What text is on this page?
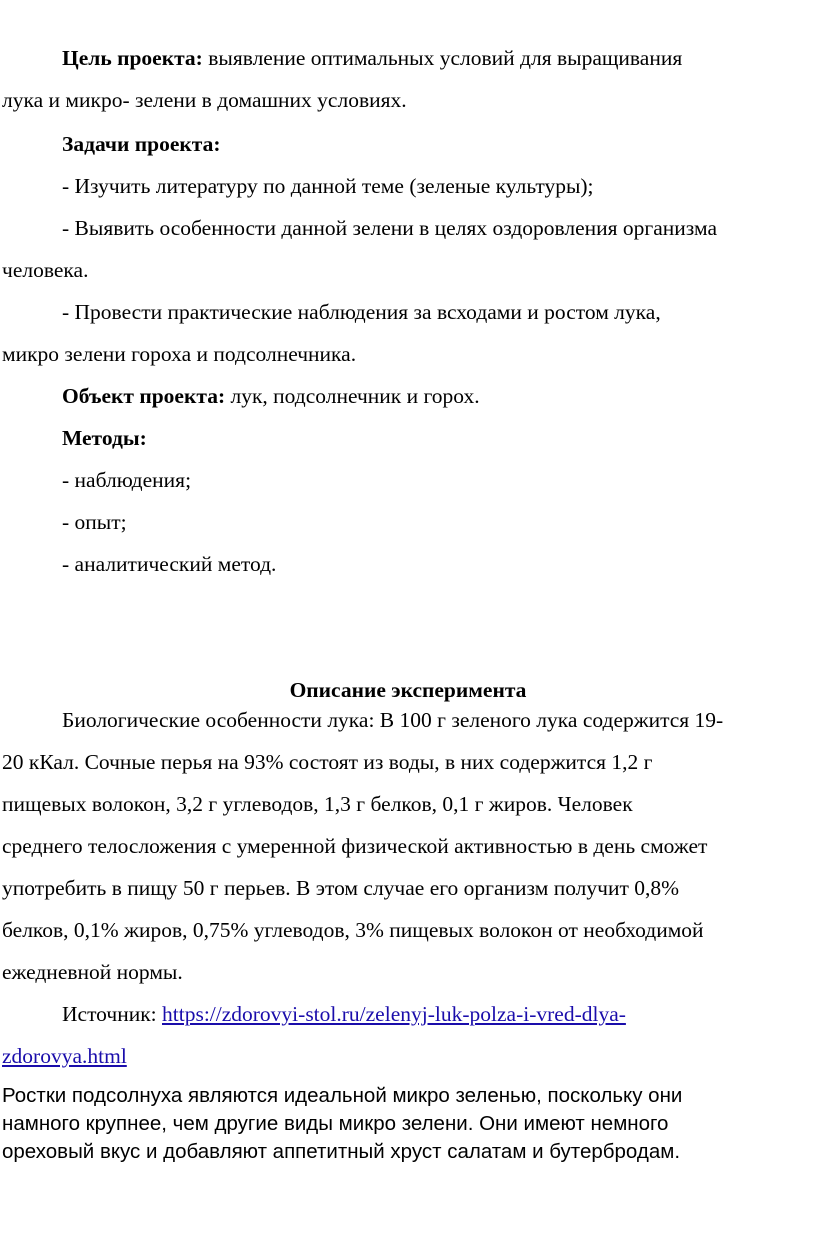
Цель проекта: выявление оптимальных условий для выращивания
лука и микро- зелени в домашних условиях.
Задачи проекта:
- Изучить литературу по данной теме (зеленые культуры);
- Выявить особенности данной зелени в целях оздоровления организма
человека.
- Провести практические наблюдения за всходами и ростом лука,
микро зелени гороха и подсолнечника.
Объект проекта: лук, подсолнечник и горох.
Методы:
- наблюдения;
- опыт;
- аналитический метод.
Описание эксперимента
Биологические особенности лука: В 100 г зеленого лука содержится 19-
20 кКал. Сочные перья на 93% состоят из воды, в них содержится 1,2 г
пищевых волокон, 3,2 г углеводов, 1,3 г белков, 0,1 г жиров. Человек
среднего телосложения с умеренной физической активностью в день сможет
употребить в пищу 50 г перьев. В этом случае его организм получит 0,8%
белков, 0,1% жиров, 0,75% углеводов, 3% пищевых волокон от необходимой
ежедневной нормы.
Источник: https://zdorovyi-stol.ru/zelenyj-luk-polza-i-vred-dlya-
zdorovya.html
Ростки подсолнуха являются идеальной микро зеленью, поскольку они
намного крупнее, чем другие виды микро зелени. Они имеют немного
ореховый вкус и добавляют аппетитный хруст салатам и бутербродам.
